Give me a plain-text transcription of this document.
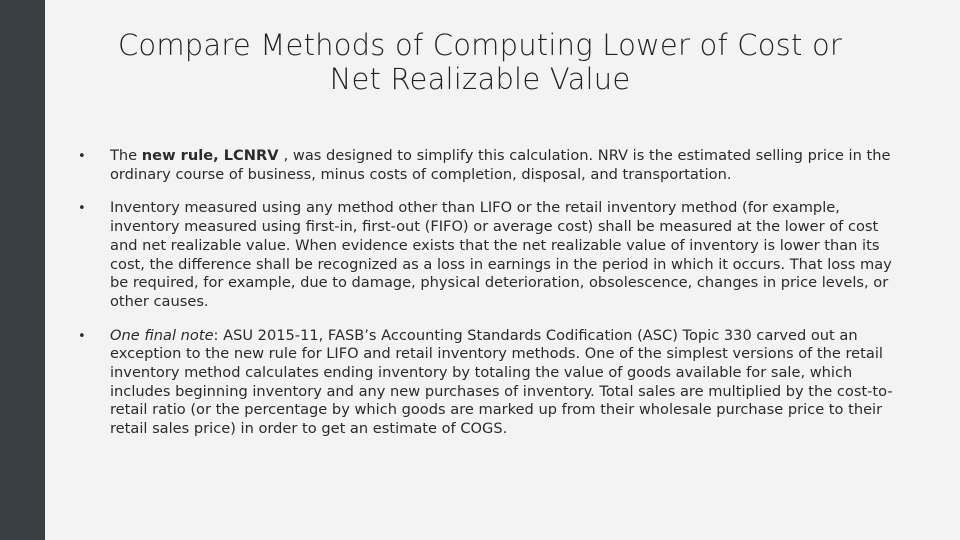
Compare Methods of Computing Lower of Cost or
Net Realizable Value
•	The new rule, LCNRV , was designed to simplify this calculation. NRV is the estimated selling price in the ordinary course of business, minus costs of completion, disposal, and transportation.
•	Inventory measured using any method other than LIFO or the retail inventory method (for example, inventory measured using first-in, first-out (FIFO) or average cost) shall be measured at the lower of cost and net realizable value. When evidence exists that the net realizable value of inventory is lower than its cost, the difference shall be recognized as a loss in earnings in the period in which it occurs. That loss may be required, for example, due to damage, physical deterioration, obsolescence, changes in price levels, or other causes.
•	One final note: ASU 2015-11, FASB’s Accounting Standards Codification (ASC) Topic 330 carved out an exception to the new rule for LIFO and retail inventory methods. One of the simplest versions of the retail inventory method calculates ending inventory by totaling the value of goods available for sale, which includes beginning inventory and any new purchases of inventory. Total sales are multiplied by the cost-to-retail ratio (or the percentage by which goods are marked up from their wholesale purchase price to their retail sales price) in order to get an estimate of COGS.
